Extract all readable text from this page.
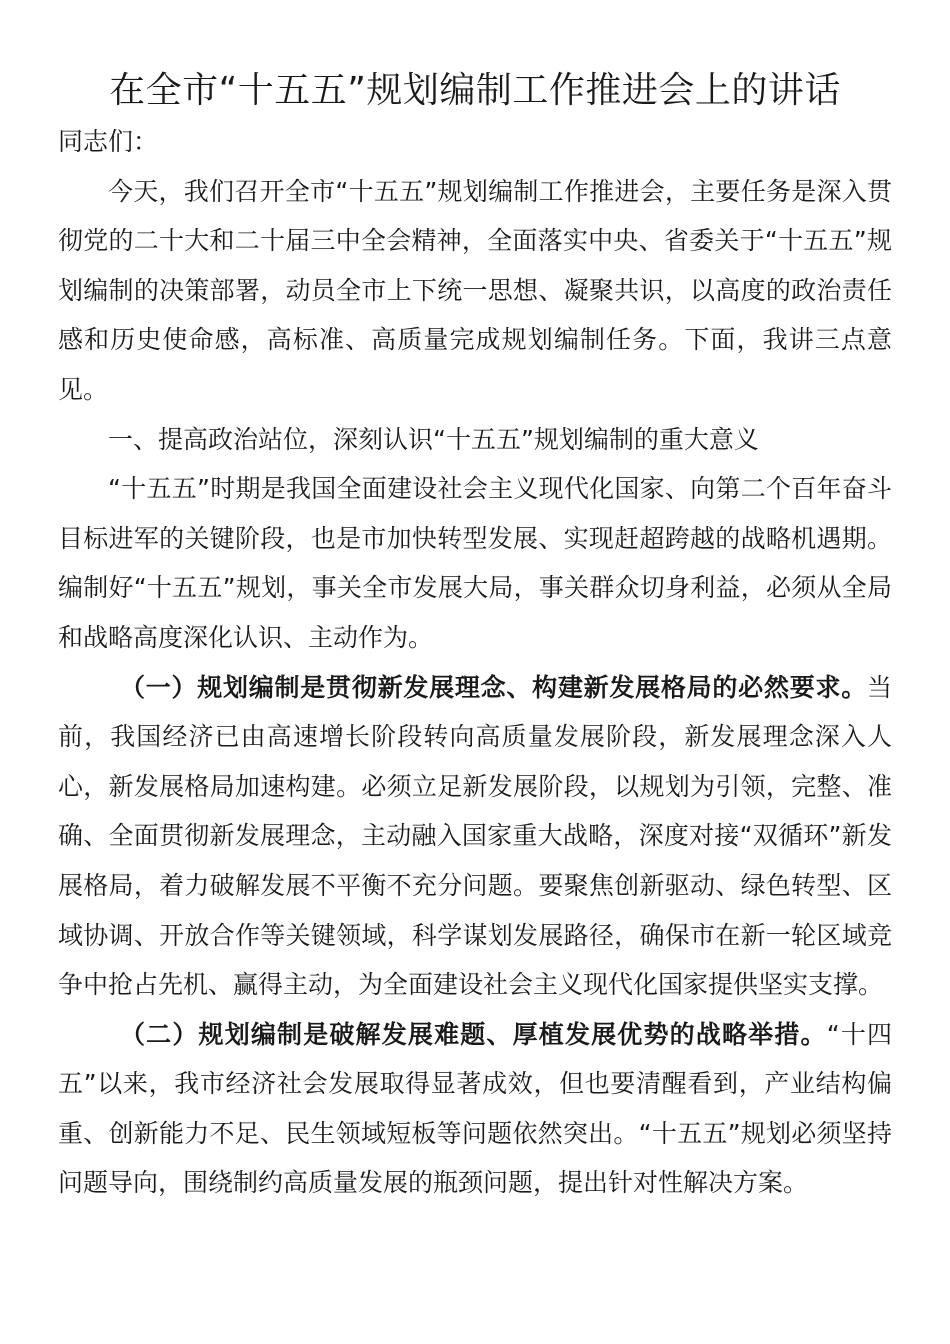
在全市“十五五”规划编制工作推进会上的讲话

同志们：

今天，我们召开全市“十五五”规划编制工作推进会，主要任务是深入贯彻党的二十大和二十届三中全会精神，全面落实中央、省委关于“十五五”规划编制的决策部署，动员全市上下统一思想、凝聚共识，以高度的政治责任感和历史使命感，高标准、高质量完成规划编制任务。下面，我讲三点意见。

一、提高政治站位，深刻认识“十五五”规划编制的重大意义

“十五五”时期是我国全面建设社会主义现代化国家、向第二个百年奋斗目标进军的关键阶段，也是市加快转型发展、实现赶超跨越的战略机遇期。编制好“十五五”规划，事关全市发展大局，事关群众切身利益，必须从全局和战略高度深化认识、主动作为。

（一）规划编制是贯彻新发展理念、构建新发展格局的必然要求。当前，我国经济已由高速增长阶段转向高质量发展阶段，新发展理念深入人心，新发展格局加速构建。必须立足新发展阶段，以规划为引领，完整、准确、全面贯彻新发展理念，主动融入国家重大战略，深度对接“双循环”新发展格局，着力破解发展不平衡不充分问题。要聚焦创新驱动、绿色转型、区域协调、开放合作等关键领域，科学谋划发展路径，确保市在新一轮区域竞争中抢占先机、赢得主动，为全面建设社会主义现代化国家提供坚实支撑。

（二）规划编制是破解发展难题、厚植发展优势的战略举措。“十四五”以来，我市经济社会发展取得显著成效，但也要清醒看到，产业结构偏重、创新能力不足、民生领域短板等问题依然突出。“十五五”规划必须坚持问题导向，围绕制约高质量发展的瓶颈问题，提出针对性解决方案。
